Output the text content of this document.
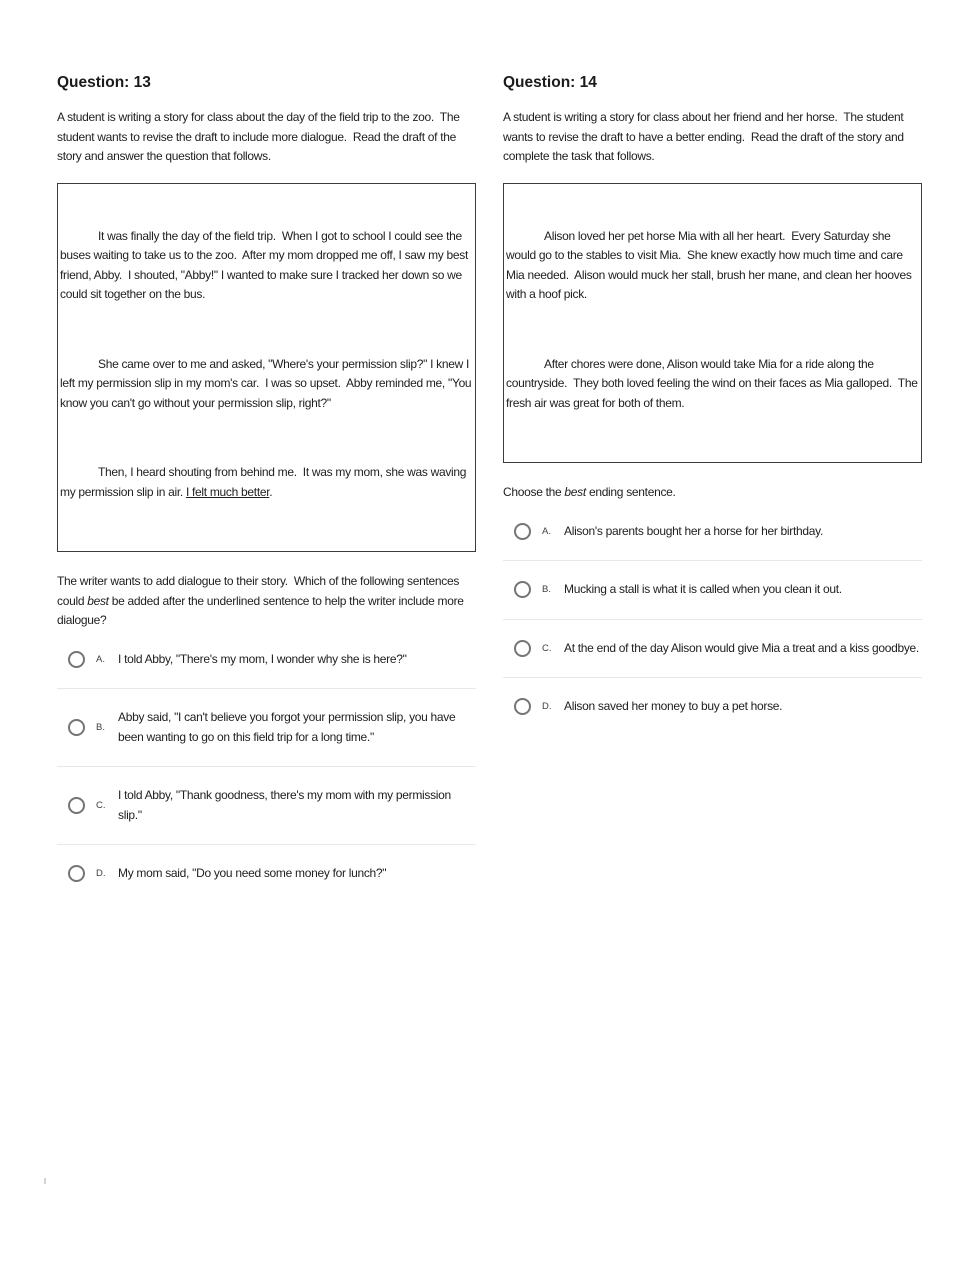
Question: 13

A student is writing a story for class about the day of the field trip to the zoo.  The student wants to revise the draft to include more dialogue.  Read the draft of the story and answer the question that follows.

It was finally the day of the field trip.  When I got to school I could see the buses waiting to take us to the zoo.  After my mom dropped me off, I saw my best friend, Abby.  I shouted, "Abby!" I wanted to make sure I tracked her down so we could sit together on the bus.

She came over to me and asked, "Where's your permission slip?" I knew I left my permission slip in my mom's car.  I was so upset.  Abby reminded me, "You know you can't go without your permission slip, right?"

Then, I heard shouting from behind me.  It was my mom, she was waving my permission slip in air. I felt much better.

The writer wants to add dialogue to their story.  Which of the following sentences could best be added after the underlined sentence to help the writer include more dialogue?

A. I told Abby, "There's my mom, I wonder why she is here?"
B.
Abby said, "I can't believe you forgot your permission slip, you have been wanting to go on this field trip for a long time."
C.
I told Abby, "Thank goodness, there's my mom with my permission slip."
D. My mom said, "Do you need some money for lunch?"
Question: 14

A student is writing a story for class about her friend and her horse.  The student wants to revise the draft to have a better ending.  Read the draft of the story and complete the task that follows.

Alison loved her pet horse Mia with all her heart.  Every Saturday she would go to the stables to visit Mia.  She knew exactly how much time and care Mia needed.  Alison would muck her stall, brush her mane, and clean her hooves with a hoof pick.

After chores were done, Alison would take Mia for a ride along the countryside.  They both loved feeling the wind on their faces as Mia galloped.  The fresh air was great for both of them.

Choose the best ending sentence.

A. Alison's parents bought her a horse for her birthday.
B. Mucking a stall is what it is called when you clean it out.
C. At the end of the day Alison would give Mia a treat and a kiss goodbye.
D. Alison saved her money to buy a pet horse.
